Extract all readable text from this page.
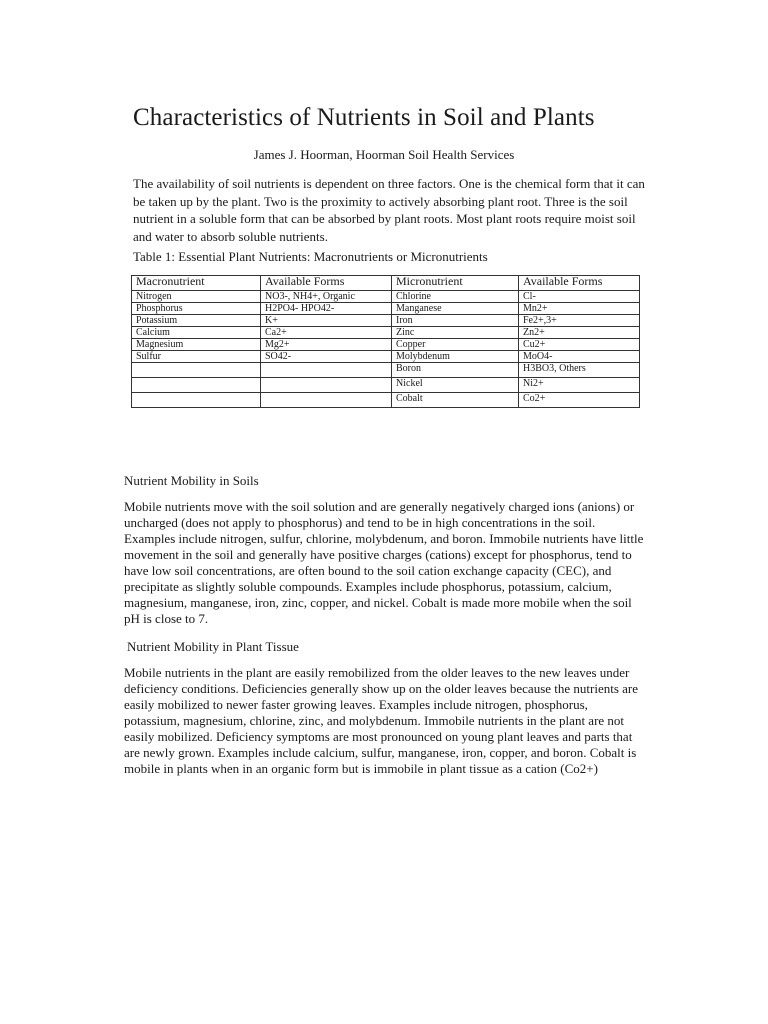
Characteristics of Nutrients in Soil and Plants
James J. Hoorman, Hoorman Soil Health Services

The availability of soil nutrients is dependent on three factors. One is the chemical form that it can be taken up by the plant. Two is the proximity to actively absorbing plant root. Three is the soil nutrient in a soluble form that can be absorbed by plant roots. Most plant roots require moist soil and water to absorb soluble nutrients.

Table 1: Essential Plant Nutrients: Macronutrients or Micronutrients
Macronutrient	Available Forms	Micronutrient	Available Forms
Nitrogen	NO3-, NH4+, Organic	Chlorine	Cl-
Phosphorus	H2PO4- HPO42-	Manganese	Mn2+
Potassium	K+	Iron	Fe2+,3+
Calcium	Ca2+	Zinc	Zn2+
Magnesium	Mg2+	Copper	Cu2+
Sulfur	SO42-	Molybdenum	MoO4-
		Boron	H3BO3, Others
		Nickel	Ni2+
		Cobalt	Co2+
Nutrient Mobility in Soils

Mobile nutrients move with the soil solution and are generally negatively charged ions (anions) or uncharged (does not apply to phosphorus) and tend to be in high concentrations in the soil. Examples include nitrogen, sulfur, chlorine, molybdenum, and boron. Immobile nutrients have little movement in the soil and generally have positive charges (cations) except for phosphorus, tend to have low soil concentrations, are often bound to the soil cation exchange capacity (CEC), and precipitate as slightly soluble compounds. Examples include phosphorus, potassium, calcium, magnesium, manganese, iron, zinc, copper, and nickel. Cobalt is made more mobile when the soil pH is close to 7.

Nutrient Mobility in Plant Tissue

Mobile nutrients in the plant are easily remobilized from the older leaves to the new leaves under deficiency conditions. Deficiencies generally show up on the older leaves because the nutrients are easily mobilized to newer faster growing leaves. Examples include nitrogen, phosphorus, potassium, magnesium, chlorine, zinc, and molybdenum. Immobile nutrients in the plant are not easily mobilized. Deficiency symptoms are most pronounced on young plant leaves and parts that are newly grown. Examples include calcium, sulfur, manganese, iron, copper, and boron. Cobalt is mobile in plants when in an organic form but is immobile in plant tissue as a cation (Co2+)
